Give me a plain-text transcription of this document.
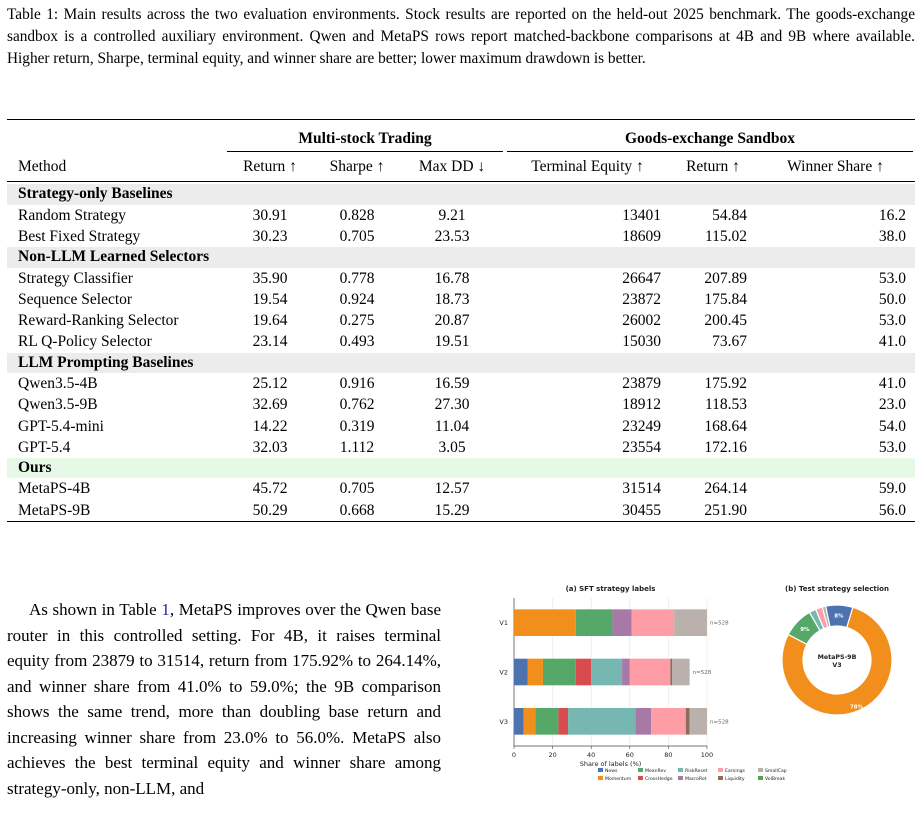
Table 1: Main results across the two evaluation environments. Stock results are reported on the held-out 2025 benchmark. The goods-exchange sandbox is a controlled auxiliary environment. Qwen and MetaPS rows report matched-backbone comparisons at 4B and 9B where available. Higher return, Sharpe, terminal equity, and winner share are better; lower maximum drawdown is better.

	Multi-stock Trading			Goods-exchange Sandbox		

Method	Return ↑	Sharpe ↑	Max DD ↓	Terminal Equity ↑	Return ↑	Winner Share ↑

Strategy-only Baselines						
Random Strategy	30.91	0.828	9.21	13401	54.84	16.2
Best Fixed Strategy	30.23	0.705	23.53	18609	115.02	38.0
Non-LLM Learned Selectors						
Strategy Classifier	35.90	0.778	16.78	26647	207.89	53.0
Sequence Selector	19.54	0.924	18.73	23872	175.84	50.0
Reward-Ranking Selector	19.64	0.275	20.87	26002	200.45	53.0
RL Q-Policy Selector	23.14	0.493	19.51	15030	73.67	41.0
LLM Prompting Baselines						
Qwen3.5-4B	25.12	0.916	16.59	23879	175.92	41.0
Qwen3.5-9B	32.69	0.762	27.30	18912	118.53	23.0
GPT-5.4-mini	14.22	0.319	11.04	23249	168.64	54.0
GPT-5.4	32.03	1.112	3.05	23554	172.16	53.0
Ours						
MetaPS-4B	45.72	0.705	12.57	31514	264.14	59.0
MetaPS-9B	50.29	0.668	15.29	30455	251.90	56.0

As shown in Table 1, MetaPS improves over the Qwen base router in this controlled setting. For 4B, it raises terminal equity from 23879 to 31514, return from 175.92% to 264.14%, and winner share from 41.0% to 59.0%; the 9B comparison shows the same trend, more than doubling base return and increasing winner share from 23.0% to 56.0%. MetaPS also achieves the best terminal equity and winner share among strategy-only, non-LLM, and

(a) SFT strategy labels
0	20	40	60	80	100
Share of labels (%)
V1	n=528
V2	n=528
V3	n=528
News
Momentum
MeanRev
CrossHedge
RiskReset
MacroRot
Earnings
Liquidity
SmallCap
VolBreak
(b) Test strategy selection
8%
78%
9%
MetaPS-9B
V3
